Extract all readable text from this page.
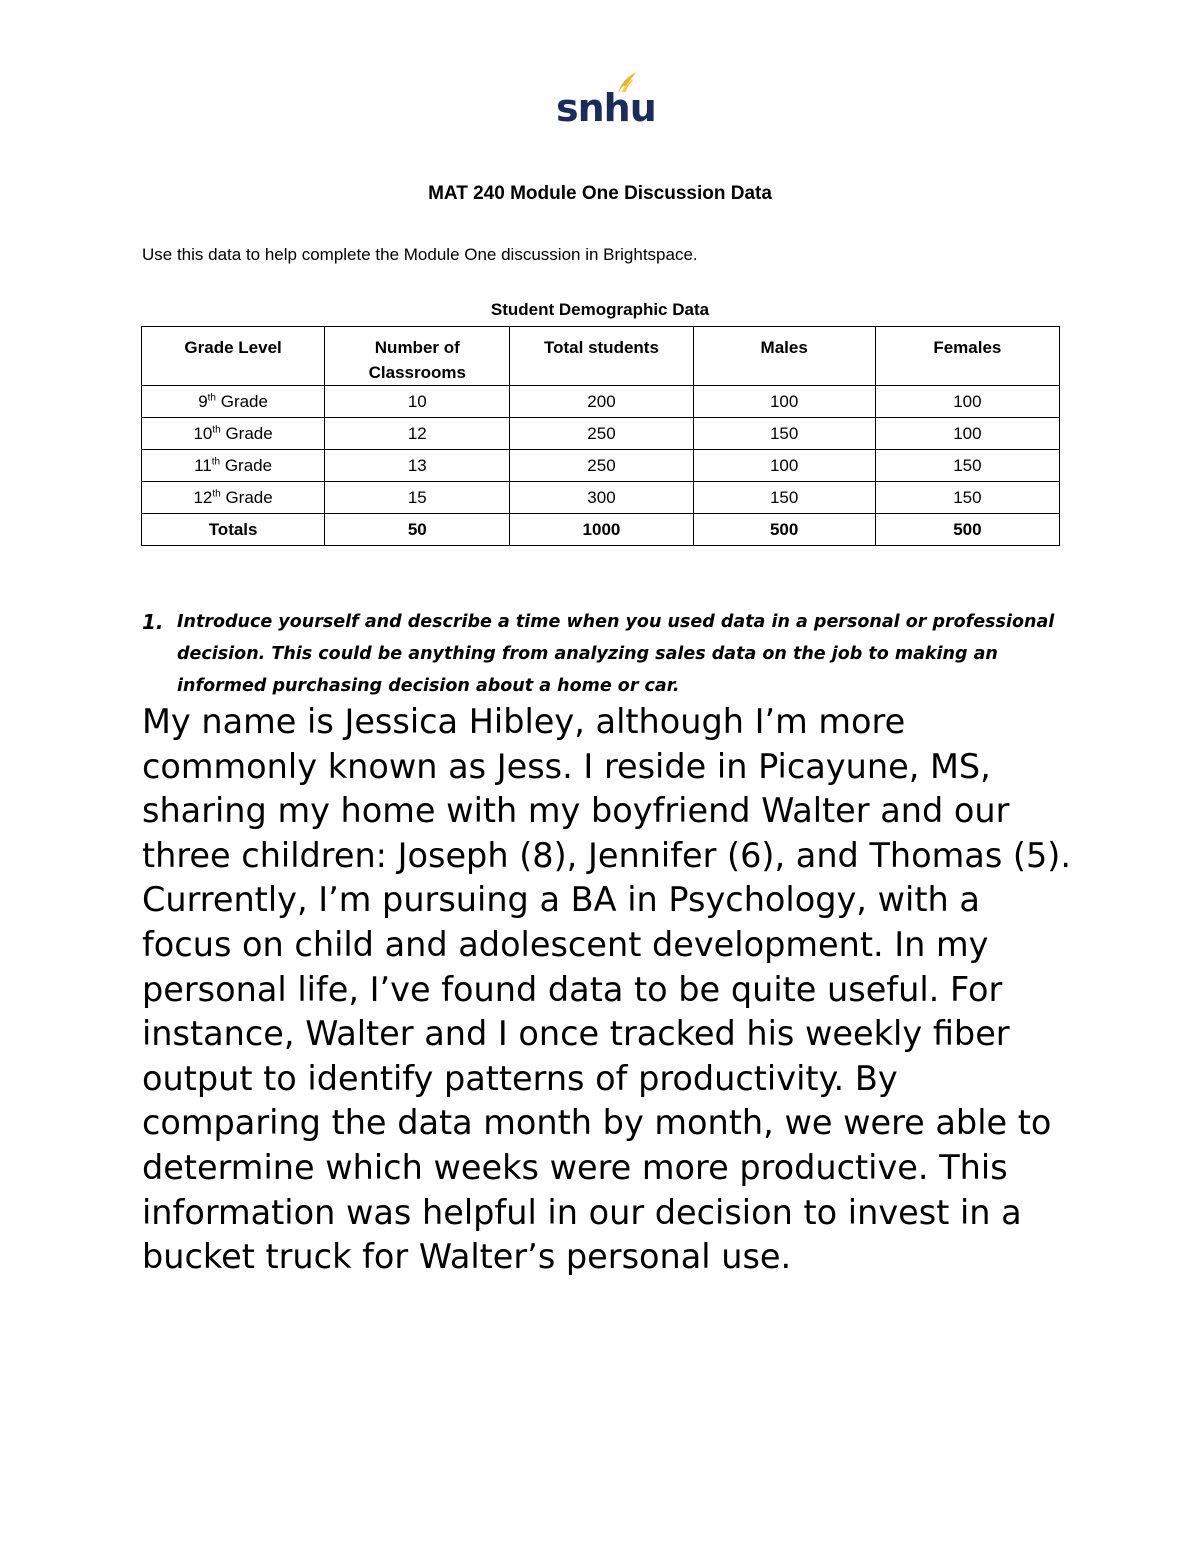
snhu
MAT 240 Module One Discussion Data
Use this data to help complete the Module One discussion in Brightspace.
Student Demographic Data
Grade Level	Number of Classrooms	Total students	Males	Females
9th Grade	10	200	100	100
10th Grade	12	250	150	100
11th Grade	13	250	100	150
12th Grade	15	300	150	150
Totals	50	1000	500	500
1. Introduce yourself and describe a time when you used data in a personal or professional decision. This could be anything from analyzing sales data on the job to making an informed purchasing decision about a home or car.
My name is Jessica Hibley, although I’m more commonly known as Jess. I reside in Picayune, MS, sharing my home with my boyfriend Walter and our three children: Joseph (8), Jennifer (6), and Thomas (5). Currently, I’m pursuing a BA in Psychology, with a focus on child and adolescent development. In my personal life, I’ve found data to be quite useful. For instance, Walter and I once tracked his weekly fiber output to identify patterns of productivity. By comparing the data month by month, we were able to determine which weeks were more productive. This information was helpful in our decision to invest in a bucket truck for Walter’s personal use.
